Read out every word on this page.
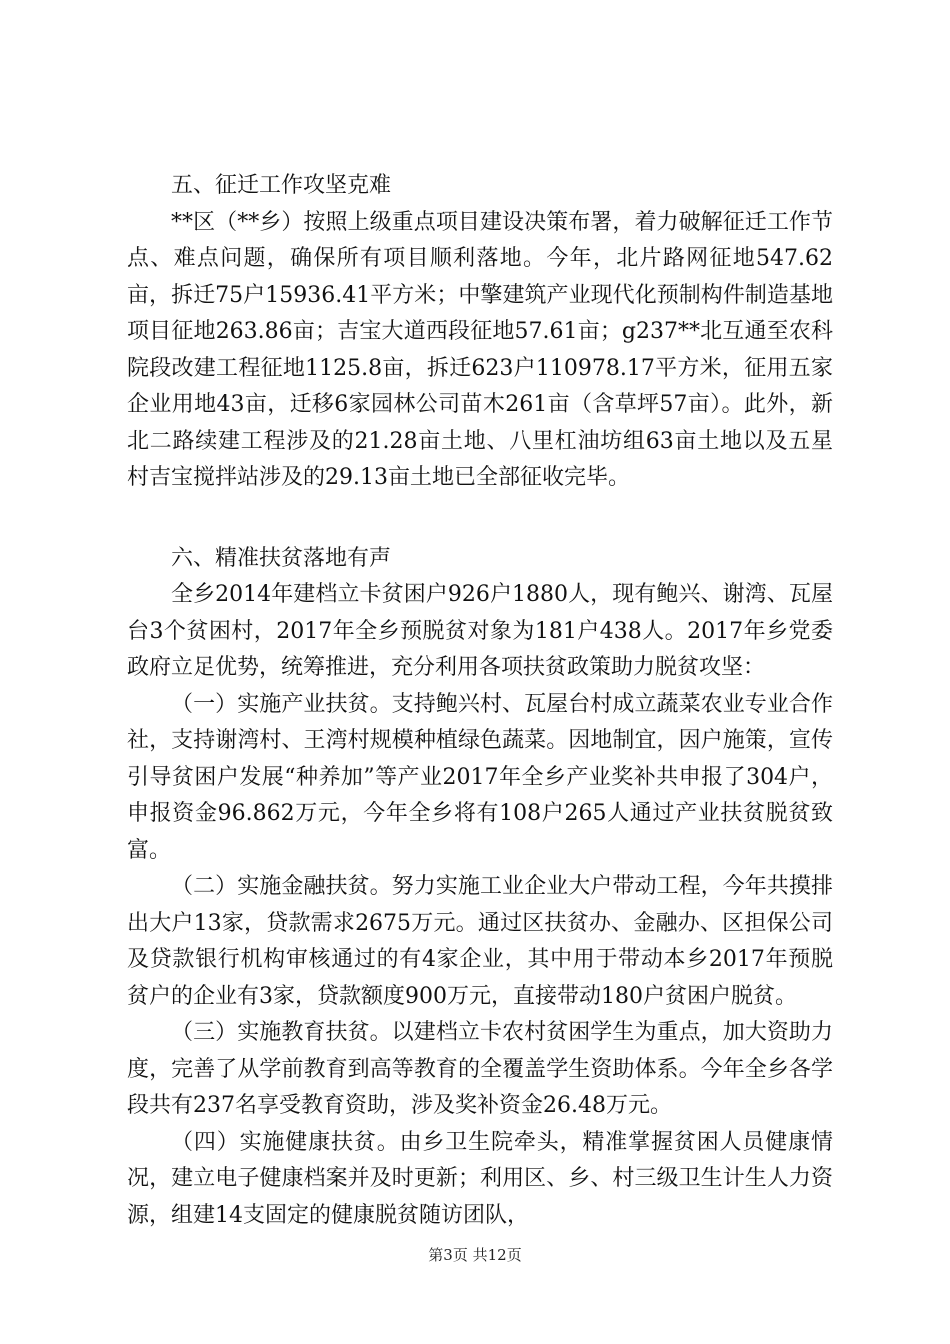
五、征迁工作攻坚克难
**区（**乡）按照上级重点项目建设决策布署，着力破解征迁工作节点、难点问题，确保所有项目顺利落地。今年，北片路网征地547.62亩，拆迁75户15936.41平方米；中擎建筑产业现代化预制构件制造基地项目征地263.86亩；吉宝大道西段征地57.61亩；g237**北互通至农科院段改建工程征地1125.8亩，拆迁623户110978.17平方米，征用五家企业用地43亩，迁移6家园林公司苗木261亩（含草坪57亩）。此外，新北二路续建工程涉及的21.28亩土地、八里杠油坊组63亩土地以及五星村吉宝搅拌站涉及的29.13亩土地已全部征收完毕。
六、精准扶贫落地有声
全乡2014年建档立卡贫困户926户1880人，现有鲍兴、谢湾、瓦屋台3个贫困村，2017年全乡预脱贫对象为181户438人。2017年乡党委政府立足优势，统筹推进，充分利用各项扶贫政策助力脱贫攻坚：
（一）实施产业扶贫。支持鲍兴村、瓦屋台村成立蔬菜农业专业合作社，支持谢湾村、王湾村规模种植绿色蔬菜。因地制宜，因户施策，宣传引导贫困户发展“种养加”等产业2017年全乡产业奖补共申报了304户，申报资金96.862万元，今年全乡将有108户265人通过产业扶贫脱贫致富。
（二）实施金融扶贫。努力实施工业企业大户带动工程，今年共摸排出大户13家，贷款需求2675万元。通过区扶贫办、金融办、区担保公司及贷款银行机构审核通过的有4家企业，其中用于带动本乡2017年预脱贫户的企业有3家，贷款额度900万元，直接带动180户贫困户脱贫。
（三）实施教育扶贫。以建档立卡农村贫困学生为重点，加大资助力度，完善了从学前教育到高等教育的全覆盖学生资助体系。今年全乡各学段共有237名享受教育资助，涉及奖补资金26.48万元。
（四）实施健康扶贫。由乡卫生院牵头，精准掌握贫困人员健康情况，建立电子健康档案并及时更新；利用区、乡、村三级卫生计生人力资源，组建14支固定的健康脱贫随访团队，
第3页 共12页
